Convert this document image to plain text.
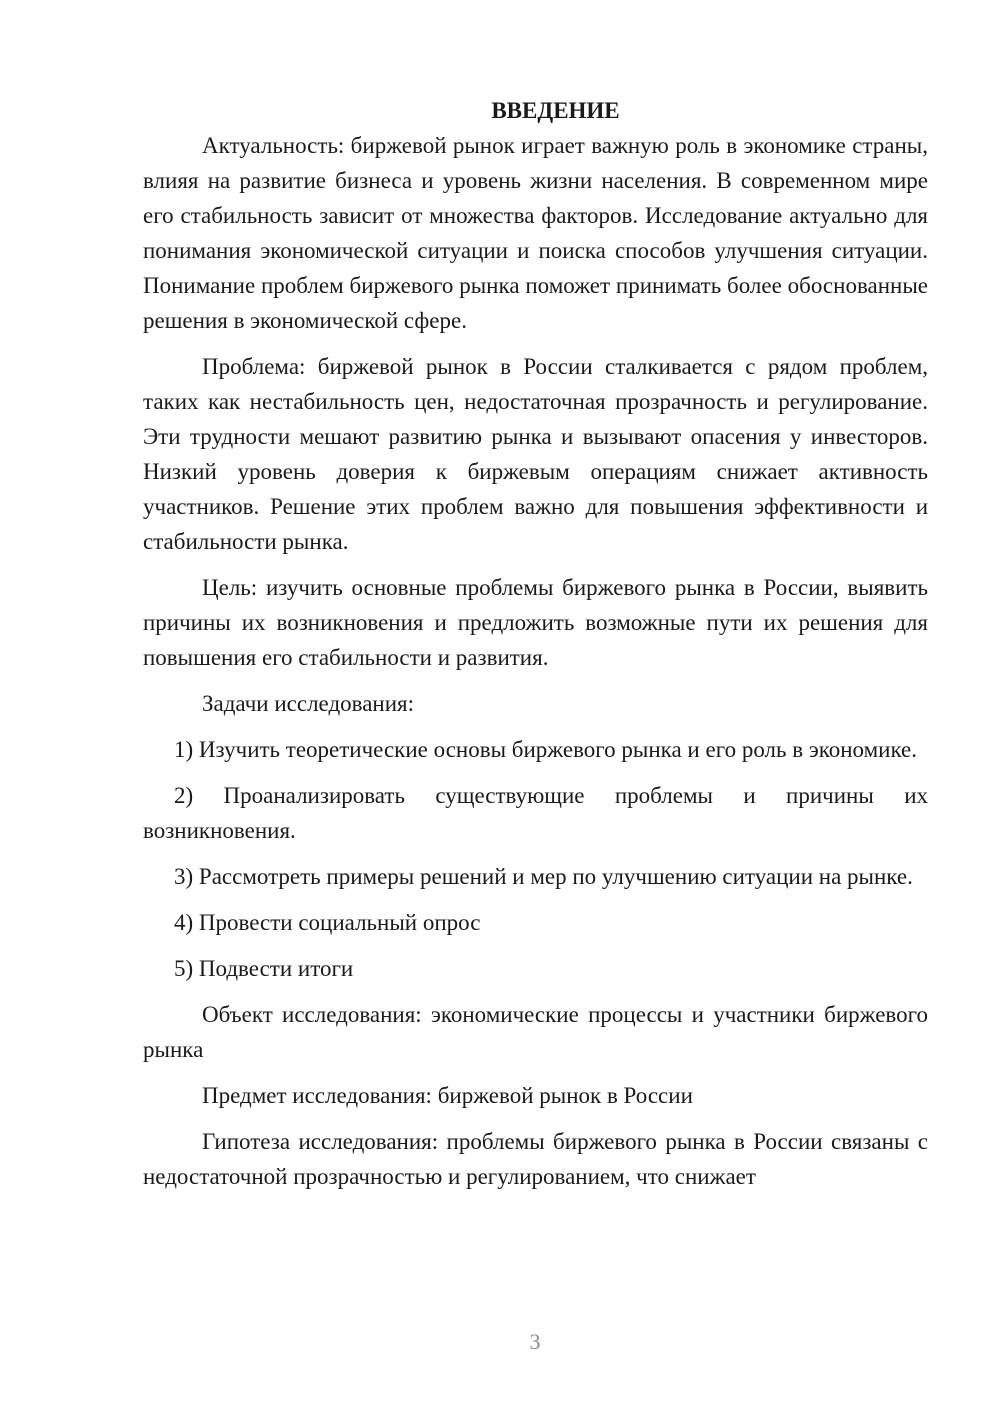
ВВЕДЕНИЕ

Актуальность: биржевой рынок играет важную роль в экономике страны, влияя на развитие бизнеса и уровень жизни населения. В современном мире его стабильность зависит от множества факторов. Исследование актуально для понимания экономической ситуации и поиска способов улучшения ситуации. Понимание проблем биржевого рынка поможет принимать более обоснованные решения в экономической сфере.

Проблема: биржевой рынок в России сталкивается с рядом проблем, таких как нестабильность цен, недостаточная прозрачность и регулирование. Эти трудности мешают развитию рынка и вызывают опасения у инвесторов. Низкий уровень доверия к биржевым операциям снижает активность участников. Решение этих проблем важно для повышения эффективности и стабильности рынка.

Цель: изучить основные проблемы биржевого рынка в России, выявить причины их возникновения и предложить возможные пути их решения для повышения его стабильности и развития.

Задачи исследования:

1) Изучить теоретические основы биржевого рынка и его роль в экономике.

2) Проанализировать существующие проблемы и причины их возникновения.

3) Рассмотреть примеры решений и мер по улучшению ситуации на рынке.

4) Провести социальный опрос

5) Подвести итоги

Объект исследования: экономические процессы и участники биржевого рынка

Предмет исследования: биржевой рынок в России

Гипотеза исследования: проблемы биржевого рынка в России связаны с недостаточной прозрачностью и регулированием, что снижает

3
